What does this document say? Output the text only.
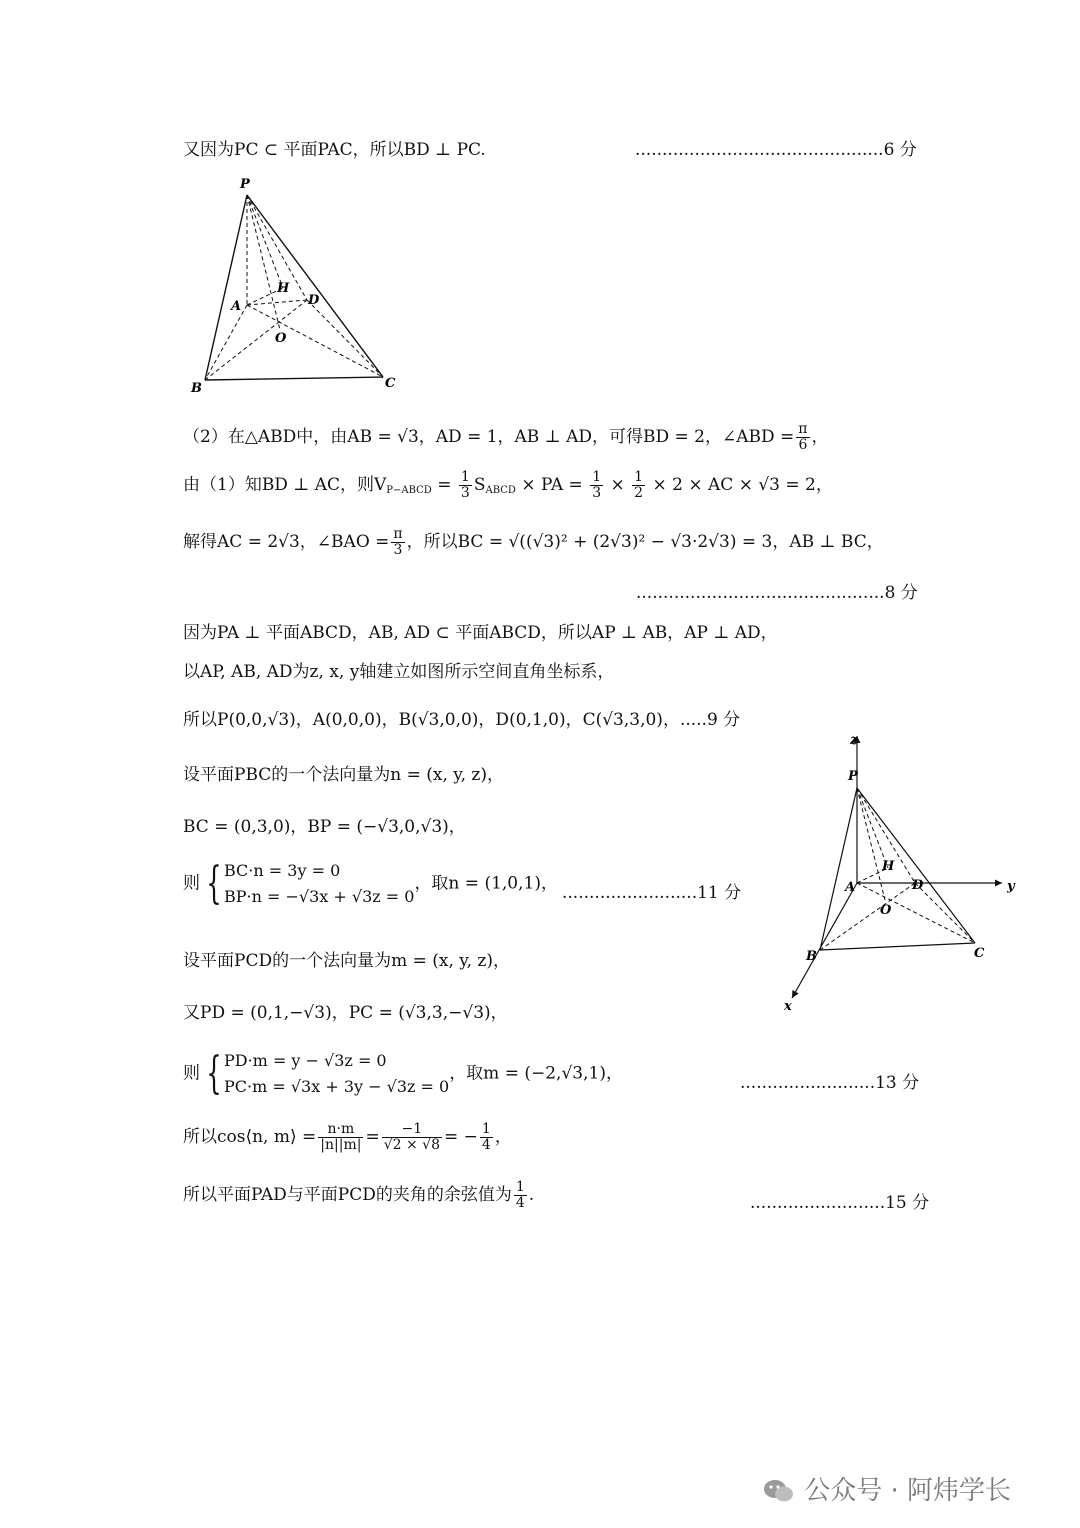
又因为PC ⊂ 平面PAC，所以BD ⊥ PC.	..............................................6 分
P
A
H
D
O
B	C
（2）在△ABD中，由AB = √3，AD = 1，AB ⊥ AD，可得BD = 2，∠ABD = $\frac{\pi}{6}$ ，
由（1）知BD ⊥ AC，则$V_{P-ABCD} = \frac{1}{3} S_{ABCD}$ × PA = $\frac{1}{3} \times \frac{1}{2} \times 2$ × AC × √3 = 2，
解得AC = 2√3，∠BAO = $\frac{\pi}{3}$ ，所以BC = √((√3)² + (2√3)² − √3·2√3) = 3，AB ⊥ BC，
..............................................8 分
因为PA ⊥ 平面ABCD，AB, AD ⊂ 平面ABCD，所以AP ⊥ AB，AP ⊥ AD，
以AP, AB, AD为z, x, y轴建立如图所示空间直角坐标系，
所以P(0,0,√3)，A(0,0,0)，B(√3,0,0)，D(0,1,0)，C(√3,3,0)，.....9 分
设平面PBC的一个法向量为n = (x, y, z)，
BC = (0,3,0)，BP = (−√3,0,√3)，
则 { BC·n = 3y = 0
BP·n = −√3x + √3z = 0
，取n = (1,0,1)， .........................11 分
设平面PCD的一个法向量为m = (x, y, z)，
又PD = (0,1,−√3)，PC = (√3,3,−√3)，
则 { PD·m = y − √3z = 0
PC·m = √3x + 3y − √3z = 0
，取m = (−2,√3,1)，	.........................13 分
所以cos⟨n, m⟩ = $\frac{n\cdot m}{|n||m|} = \frac{-1}{√2 \times √8}$ = − $\frac{1}{4}$ ，
所以平面PAD与平面PCD的夹角的余弦值为 $\frac{1}{4}$ .	.........................15 分
z
P
H
A	D	y
O
B	C
x
公众号 · 阿炜学长
